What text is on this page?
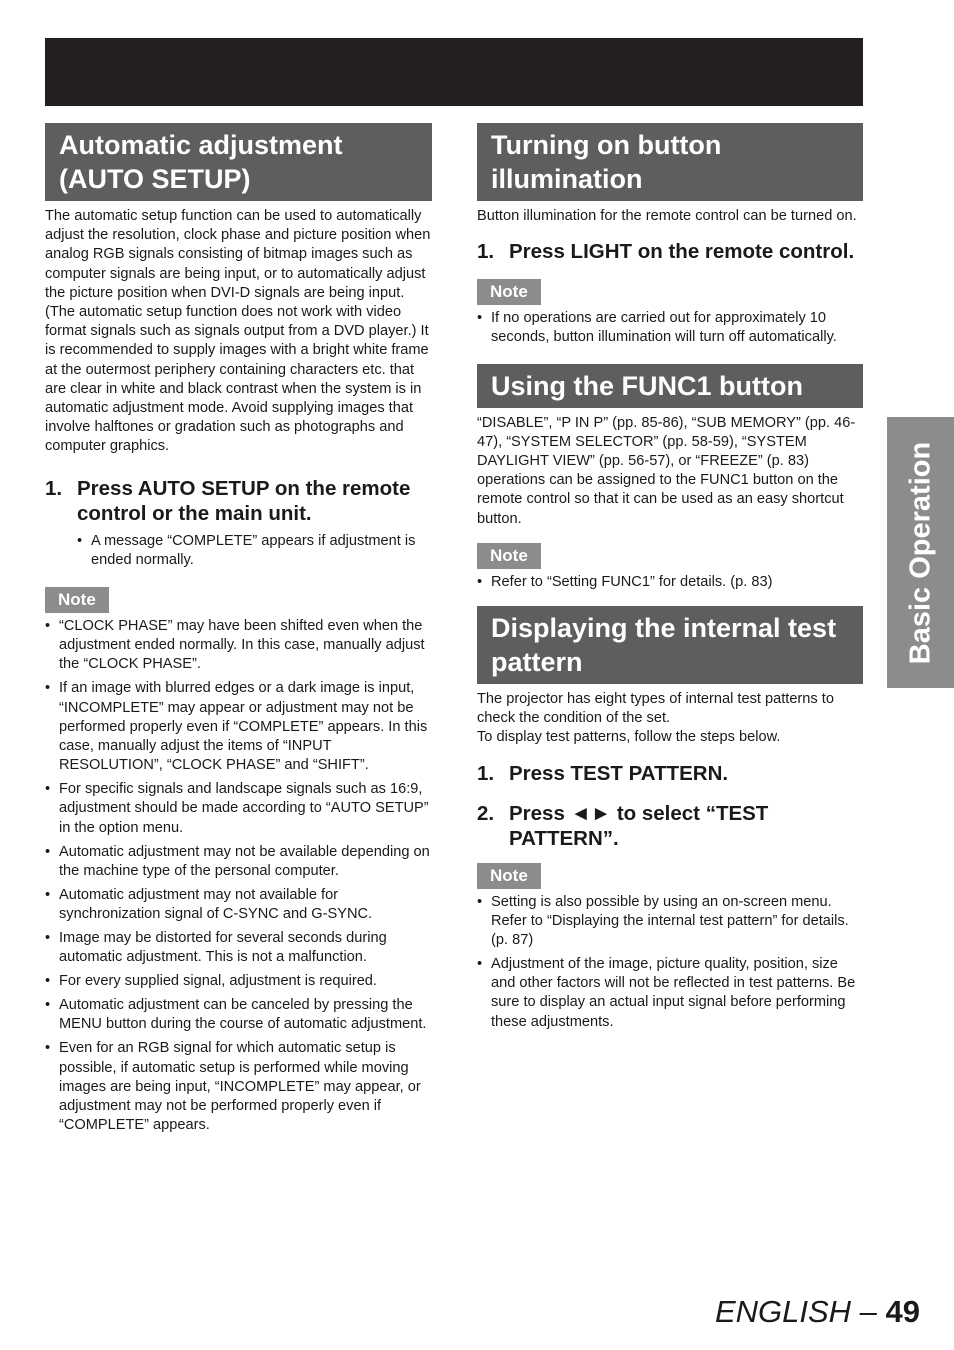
Automatic adjustment (AUTO SETUP)

The automatic setup function can be used to automatically adjust the resolution, clock phase and picture position when analog RGB signals consisting of bitmap images such as computer signals are being input, or to automatically adjust the picture position when DVI-D signals are being input. (The automatic setup function does not work with video format signals such as signals output from a DVD player.) It is recommended to supply images with a bright white frame at the outermost periphery containing characters etc. that are clear in white and black contrast when the system is in automatic adjustment mode. Avoid supplying images that involve halftones or gradation such as photographs and computer graphics.

1. Press AUTO SETUP on the remote control or the main unit.
• A message “COMPLETE” appears if adjustment is ended normally.
Note
• “CLOCK PHASE” may have been shifted even when the adjustment ended normally. In this case, manually adjust the “CLOCK PHASE”.
• If an image with blurred edges or a dark image is input, “INCOMPLETE” may appear or adjustment may not be performed properly even if “COMPLETE” appears. In this case, manually adjust the items of “INPUT RESOLUTION”, “CLOCK PHASE” and “SHIFT”.
• For specific signals and landscape signals such as 16:9, adjustment should be made according to “AUTO SETUP” in the option menu.
• Automatic adjustment may not be available depending on the machine type of the personal computer.
• Automatic adjustment may not available for synchronization signal of C-SYNC and G-SYNC.
• Image may be distorted for several seconds during automatic adjustment. This is not a malfunction.
• For every supplied signal, adjustment is required.
• Automatic adjustment can be canceled by pressing the MENU button during the course of automatic adjustment.
• Even for an RGB signal for which automatic setup is possible, if automatic setup is performed while moving images are being input, “INCOMPLETE” may appear, or adjustment may not be performed properly even if “COMPLETE” appears.
Turning on button illumination

Button illumination for the remote control can be turned on.

1. Press LIGHT on the remote control.
Note
• If no operations are carried out for approximately 10 seconds, button illumination will turn off automatically.
Using the FUNC1 button

“DISABLE”, “P IN P” (pp. 85-86), “SUB MEMORY” (pp. 46-47), “SYSTEM SELECTOR” (pp. 58-59), “SYSTEM DAYLIGHT VIEW” (pp. 56-57), or “FREEZE” (p. 83) operations can be assigned to the FUNC1 button on the remote control so that it can be used as an easy shortcut button.

Note
• Refer to “Setting FUNC1” for details. (p. 83)
Displaying the internal test pattern

The projector has eight types of internal test patterns to check the condition of the set.

To display test patterns, follow the steps below.

1. Press TEST PATTERN.
2. Press ◄► to select “TEST PATTERN”.
Note
• Setting is also possible by using an on-screen menu. Refer to “Displaying the internal test pattern” for details. (p. 87)
• Adjustment of the image, picture quality, position, size and other factors will not be reflected in test patterns. Be sure to display an actual input signal before performing these adjustments.
Basic Operation
ENGLISH – 49
